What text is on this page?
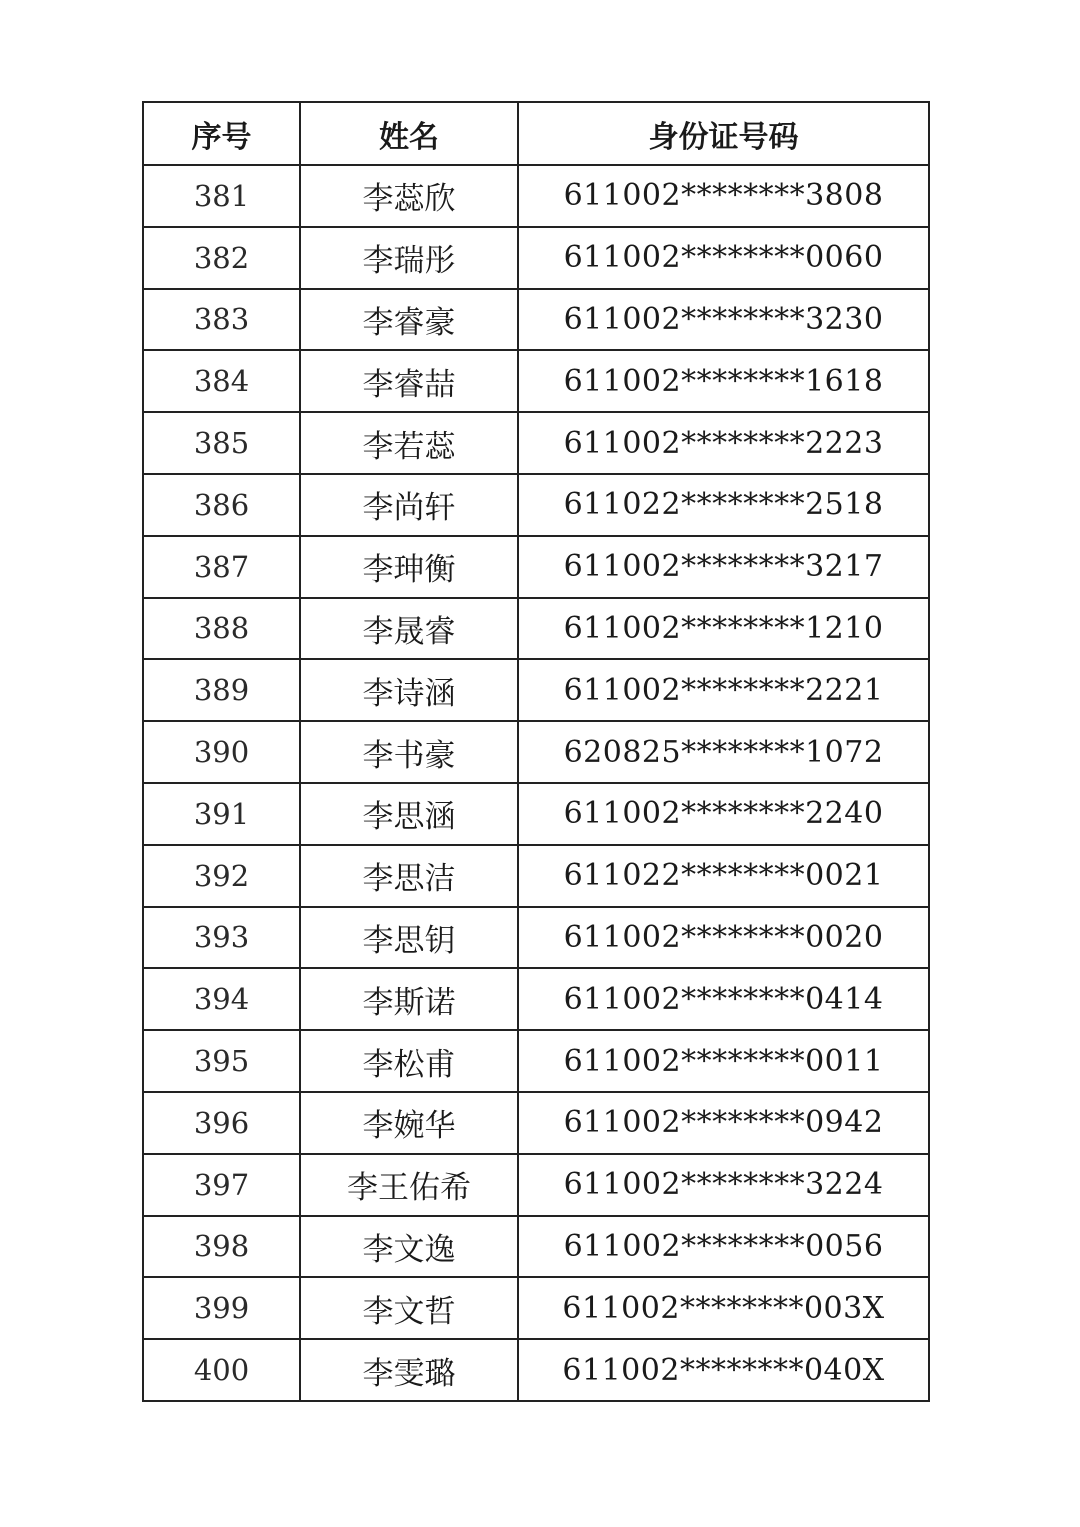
序号	姓名	身份证号码
381	李蕊欣	611002********3808
382	李瑞彤	611002********0060
383	李睿豪	611002********3230
384	李睿喆	611002********1618
385	李若蕊	611002********2223
386	李尚轩	611022********2518
387	李珅衡	611002********3217
388	李晟睿	611002********1210
389	李诗涵	611002********2221
390	李书豪	620825********1072
391	李思涵	611002********2240
392	李思洁	611022********0021
393	李思钥	611002********0020
394	李斯诺	611002********0414
395	李松甫	611002********0011
396	李婉华	611002********0942
397	李王佑希	611002********3224
398	李文逸	611002********0056
399	李文哲	611002********003X
400	李雯璐	611002********040X
